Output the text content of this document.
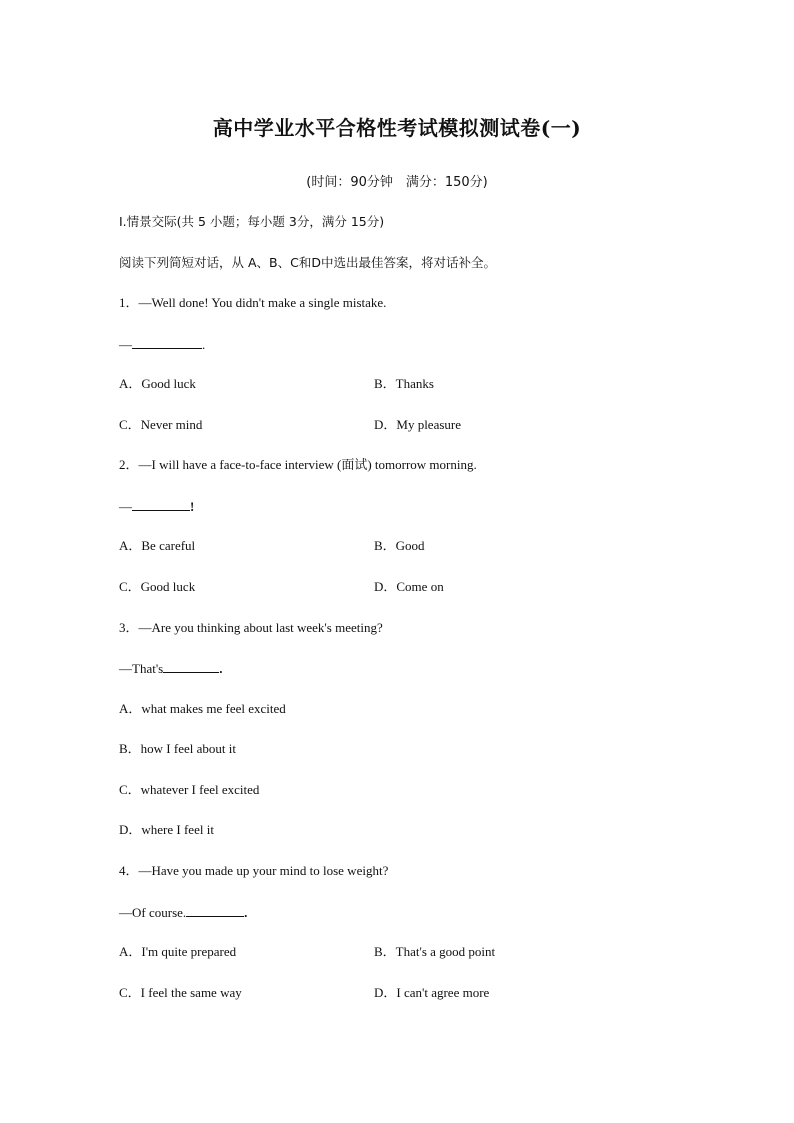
高中学业水平合格性考试模拟测试卷(一)
(时间：90分钟　满分：150分)
Ⅰ.情景交际(共 5 小题；每小题 3分，满分 15分)
阅读下列简短对话，从 A、B、C和D中选出最佳答案，将对话补全。
1．—Well done! You didn't make a single mistake.
—	.
A．Good luck	B．Thanks
C．Never mind	D．My pleasure
2．—I will have a face-to-face interview (面试) tomorrow morning.
—	!
A．Be careful	B．Good
C．Good luck	D．Come on
3．—Are you thinking about last week's meeting?
—That's	.
A．what makes me feel excited
B．how I feel about it
C．whatever I feel excited
D．where I feel it
4．—Have you made up your mind to lose weight?
—Of course.	.
A．I'm quite prepared	B．That's a good point
C．I feel the same way	D．I can't agree more
